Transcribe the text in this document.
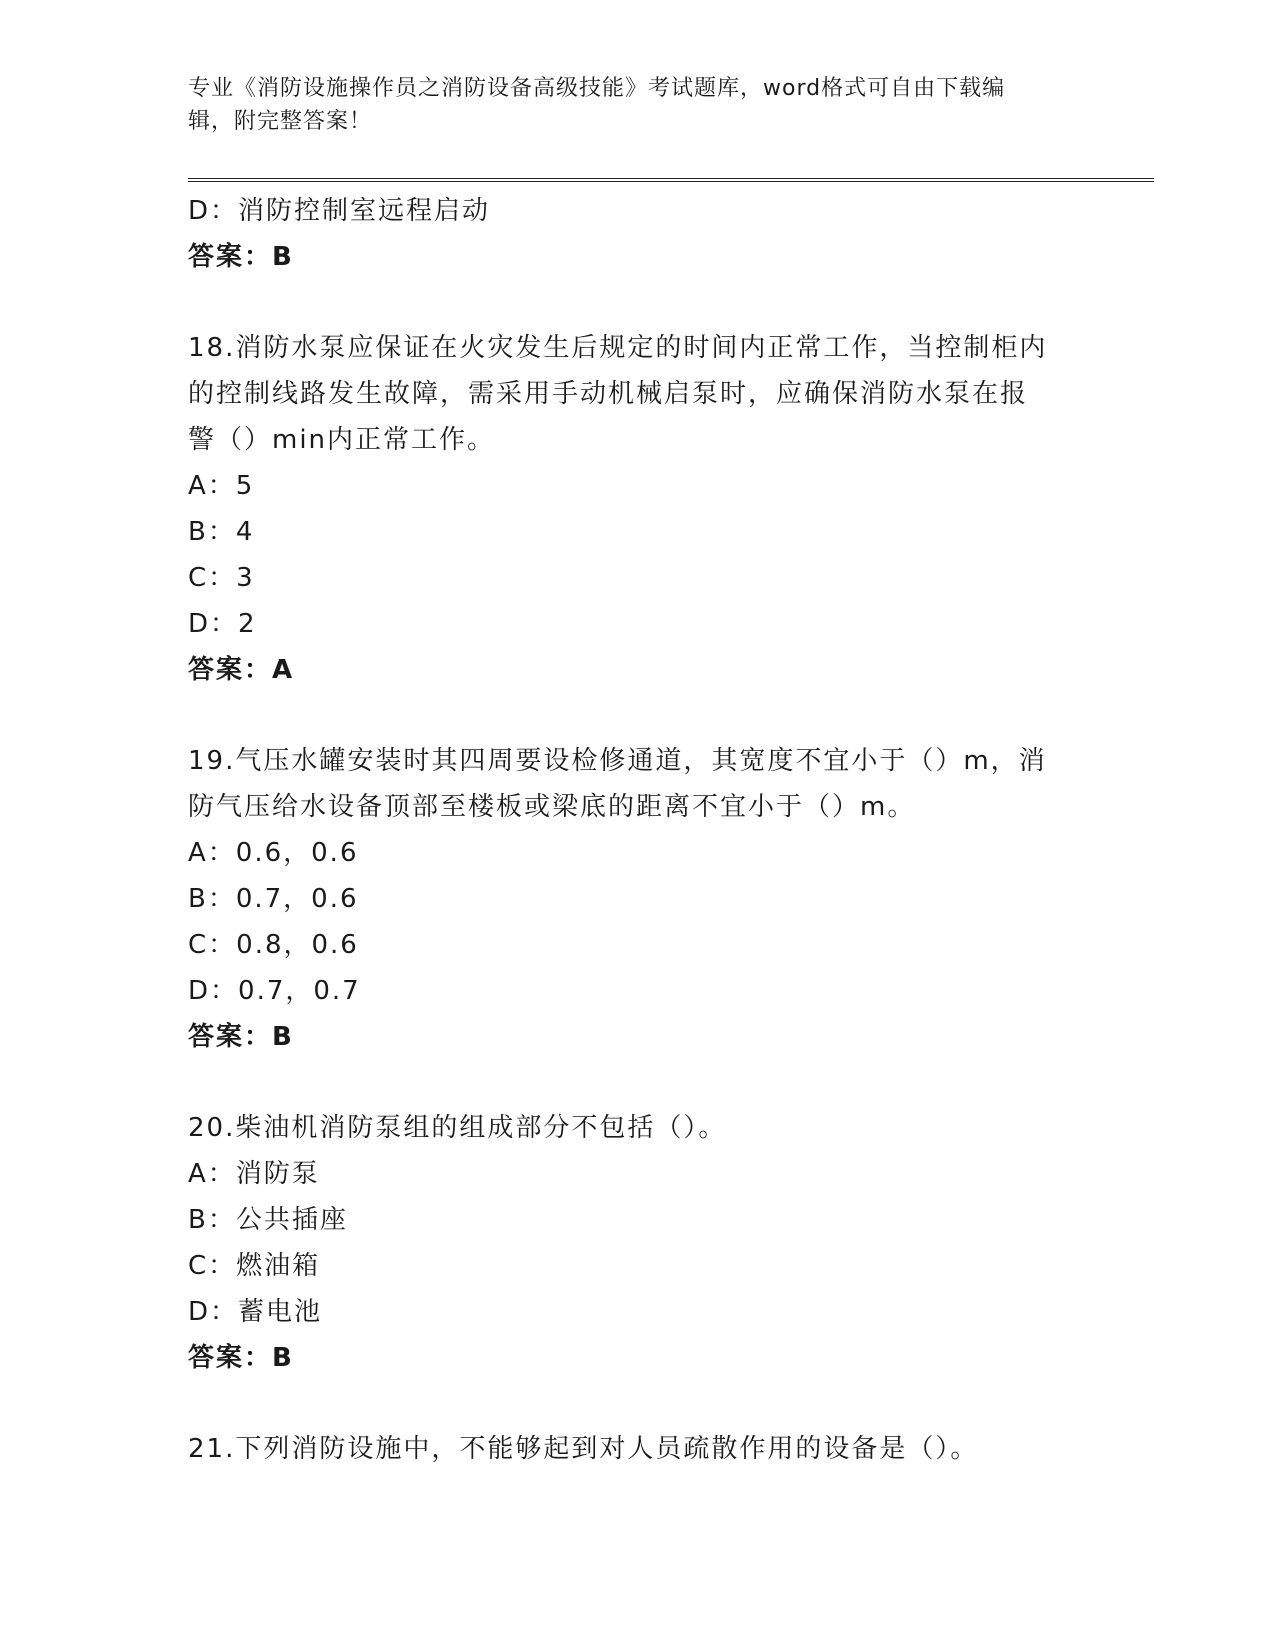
专业《消防设施操作员之消防设备高级技能》考试题库，word格式可自由下载编
辑，附完整答案！
D：消防控制室远程启动
答案：B
18.消防水泵应保证在火灾发生后规定的时间内正常工作，当控制柜内
的控制线路发生故障，需采用手动机械启泵时，应确保消防水泵在报
警（）min内正常工作。
A：5
B：4
C：3
D：2
答案：A
19.气压水罐安装时其四周要设检修通道，其宽度不宜小于（）m，消
防气压给水设备顶部至楼板或梁底的距离不宜小于（）m。
A：0.6，0.6
B：0.7，0.6
C：0.8，0.6
D：0.7，0.7
答案：B
20.柴油机消防泵组的组成部分不包括（）。
A：消防泵
B：公共插座
C：燃油箱
D：蓄电池
答案：B
21.下列消防设施中，不能够起到对人员疏散作用的设备是（）。
